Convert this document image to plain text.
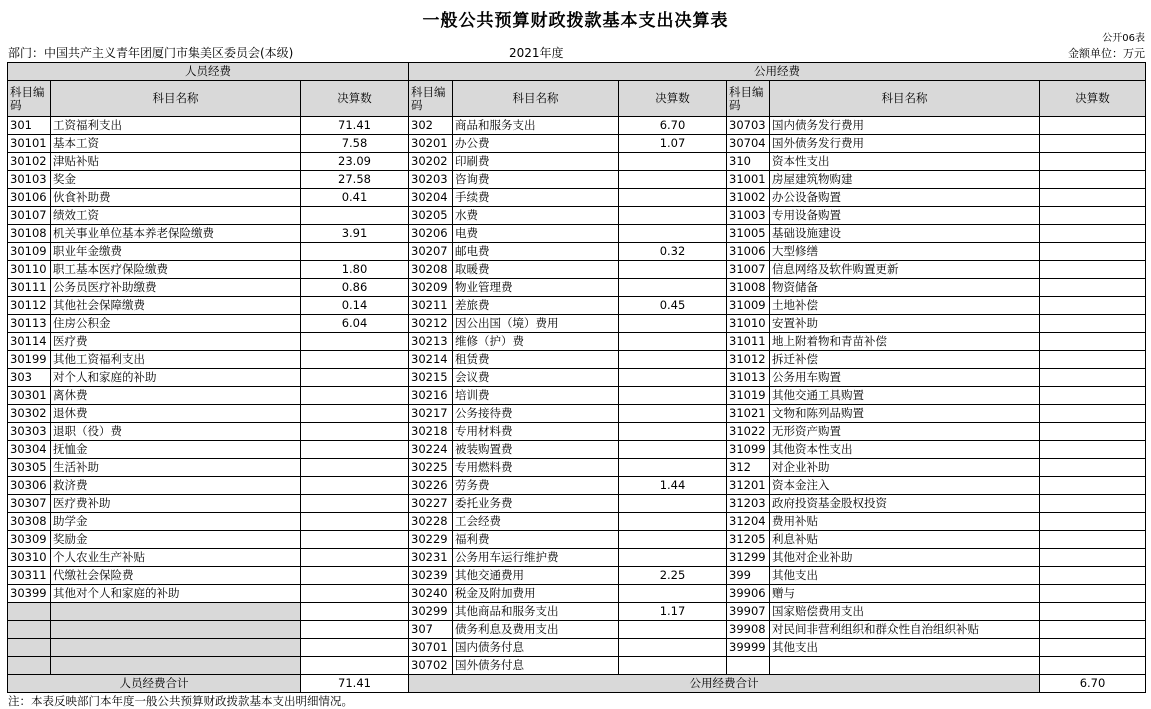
一般公共预算财政拨款基本支出决算表
公开06表
部门：中国共产主义青年团厦门市集美区委员会(本级)	2021年度	金额单位：万元
人员经费			公用经费					
科目编码	科目名称	决算数	科目编码	科目名称	决算数	科目编码	科目名称	决算数
301	工资福利支出	71.41	302	商品和服务支出	6.70	30703	国内债务发行费用	
30101	基本工资	7.58	30201	办公费	1.07	30704	国外债务发行费用	
30102	津贴补贴	23.09	30202	印刷费		310	资本性支出	
30103	奖金	27.58	30203	咨询费		31001	房屋建筑物购建	
30106	伙食补助费	0.41	30204	手续费		31002	办公设备购置	
30107	绩效工资		30205	水费		31003	专用设备购置	
30108	机关事业单位基本养老保险缴费	3.91	30206	电费		31005	基础设施建设	
30109	职业年金缴费		30207	邮电费	0.32	31006	大型修缮	
30110	职工基本医疗保险缴费	1.80	30208	取暖费		31007	信息网络及软件购置更新	
30111	公务员医疗补助缴费	0.86	30209	物业管理费		31008	物资储备	
30112	其他社会保障缴费	0.14	30211	差旅费	0.45	31009	土地补偿	
30113	住房公积金	6.04	30212	因公出国（境）费用		31010	安置补助	
30114	医疗费		30213	维修（护）费		31011	地上附着物和青苗补偿	
30199	其他工资福利支出		30214	租赁费		31012	拆迁补偿	
303	对个人和家庭的补助		30215	会议费		31013	公务用车购置	
30301	离休费		30216	培训费		31019	其他交通工具购置	
30302	退休费		30217	公务接待费		31021	文物和陈列品购置	
30303	退职（役）费		30218	专用材料费		31022	无形资产购置	
30304	抚恤金		30224	被装购置费		31099	其他资本性支出	
30305	生活补助		30225	专用燃料费		312	对企业补助	
30306	救济费		30226	劳务费	1.44	31201	资本金注入	
30307	医疗费补助		30227	委托业务费		31203	政府投资基金股权投资	
30308	助学金		30228	工会经费		31204	费用补贴	
30309	奖励金		30229	福利费		31205	利息补贴	
30310	个人农业生产补贴		30231	公务用车运行维护费		31299	其他对企业补助	
30311	代缴社会保险费		30239	其他交通费用	2.25	399	其他支出	
30399	其他对个人和家庭的补助		30240	税金及附加费用		39906	赠与	
			30299	其他商品和服务支出	1.17	39907	国家赔偿费用支出	
			307	债务利息及费用支出		39908	对民间非营利组织和群众性自治组织补贴	
			30701	国内债务付息		39999	其他支出	
			30702	国外债务付息				
人员经费合计		71.41	公用经费合计					6.70
注：本表反映部门本年度一般公共预算财政拨款基本支出明细情况。
